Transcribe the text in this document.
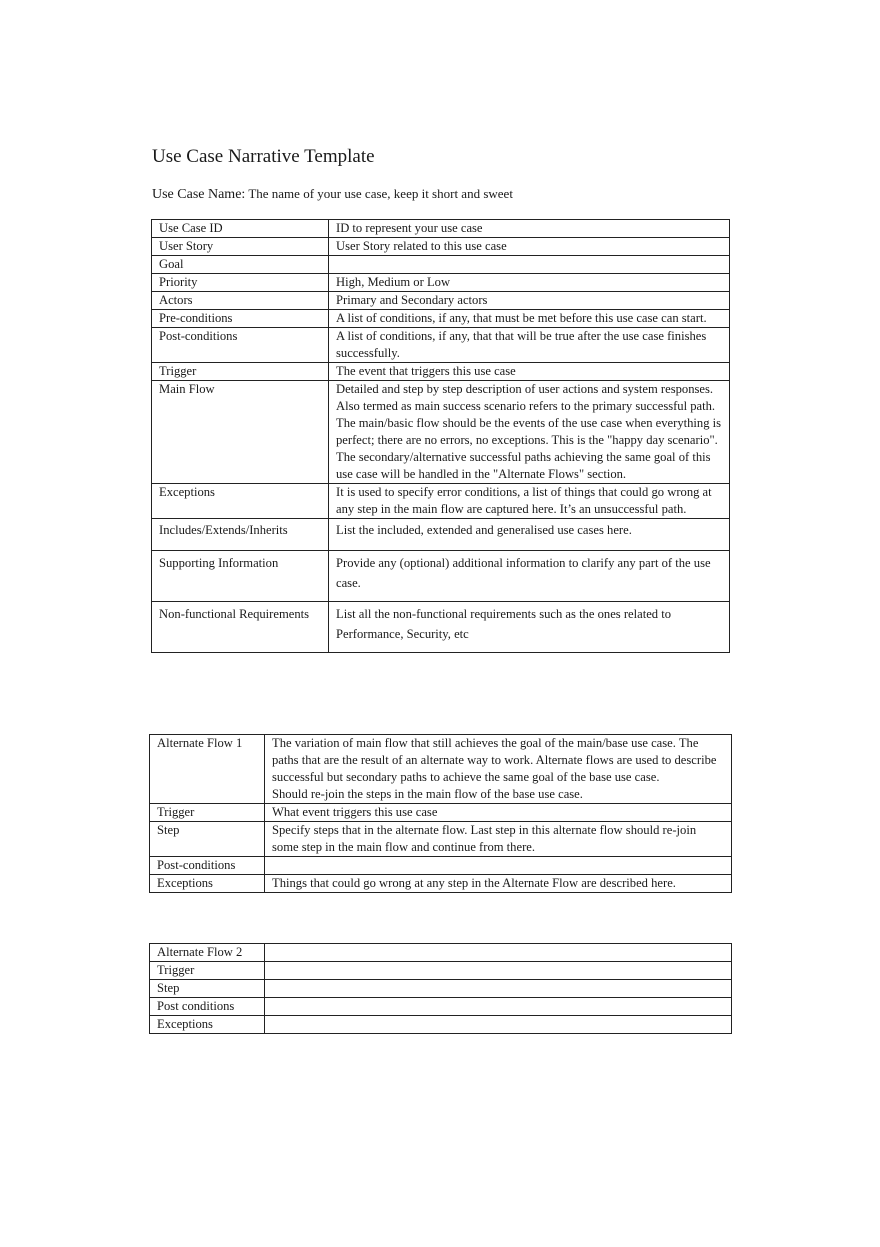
Use Case Narrative Template

Use Case Name: The name of your use case, keep it short and sweet

Use Case ID	ID to represent your use case
User Story	User Story related to this use case
Goal	
Priority	High, Medium or Low
Actors	Primary and Secondary actors
Pre-conditions	A list of conditions, if any, that must be met before this use case can start.
Post-conditions	A list of conditions, if any, that that will be true after the use case finishes successfully.
Trigger	The event that triggers this use case
Main Flow	Detailed and step by step description of user actions and system responses.
Also termed as main success scenario refers to the primary successful path. The main/basic flow should be the events of the use case when everything is perfect; there are no errors, no exceptions. This is the "happy day scenario".
The secondary/alternative successful paths achieving the same goal of this use case will be handled in the "Alternate Flows" section.

Exceptions	It is used to specify error conditions, a list of things that could go wrong at any step in the main flow are captured here. It’s an unsuccessful path.
Includes/Extends/Inherits	List the included, extended and generalised use cases here.
Supporting Information	Provide any (optional) additional information to clarify any part of the use case.
Non-functional Requirements	List all the non-functional requirements such as the ones related to Performance, Security, etc
Alternate Flow 1	The variation of main flow that still achieves the goal of the main/base use case. The paths that are the result of an alternate way to work. Alternate flows are used to describe successful but secondary paths to achieve the same goal of the base use case.
Should re-join the steps in the main flow of the base use case.

Trigger	What event triggers this use case
Step	Specify steps that in the alternate flow. Last step in this alternate flow should re-join some step in the main flow and continue from there.
Post-conditions	
Exceptions	Things that could go wrong at any step in the Alternate Flow are described here.
Alternate Flow 2	
Trigger	
Step	
Post conditions	
Exceptions	
